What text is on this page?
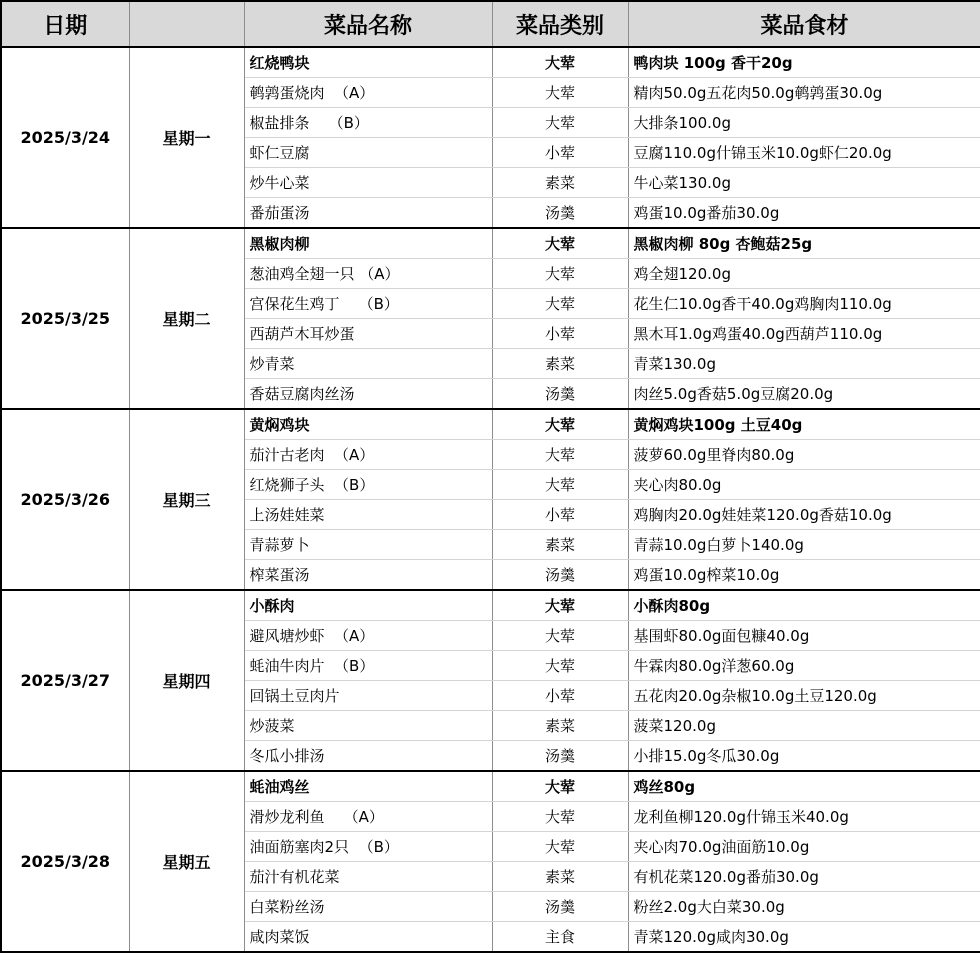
日期		菜品名称	菜品类别	菜品食材
2025/3/24	星期一	红烧鸭块	大荤	鸭肉块 100g 香干20g
		鹌鹑蛋烧肉  （A）	大荤	精肉50.0g五花肉50.0g鹌鹑蛋30.0g
		椒盐排条    （B）	大荤	大排条100.0g
		虾仁豆腐	小荤	豆腐110.0g什锦玉米10.0g虾仁20.0g
		炒牛心菜	素菜	牛心菜130.0g
		番茄蛋汤	汤羹	鸡蛋10.0g番茄30.0g
2025/3/25	星期二	黑椒肉柳	大荤	黑椒肉柳 80g 杏鲍菇25g
		葱油鸡全翅一只 （A）	大荤	鸡全翅120.0g
		宫保花生鸡丁    （B）	大荤	花生仁10.0g香干40.0g鸡胸肉110.0g
		西葫芦木耳炒蛋	小荤	黑木耳1.0g鸡蛋40.0g西葫芦110.0g
		炒青菜	素菜	青菜130.0g
		香菇豆腐肉丝汤	汤羹	肉丝5.0g香菇5.0g豆腐20.0g
2025/3/26	星期三	黄焖鸡块	大荤	黄焖鸡块100g 土豆40g
		茄汁古老肉  （A）	大荤	菠萝60.0g里脊肉80.0g
		红烧狮子头  （B）	大荤	夹心肉80.0g
		上汤娃娃菜	小荤	鸡胸肉20.0g娃娃菜120.0g香菇10.0g
		青蒜萝卜	素菜	青蒜10.0g白萝卜140.0g
		榨菜蛋汤	汤羹	鸡蛋10.0g榨菜10.0g
2025/3/27	星期四	小酥肉	大荤	小酥肉80g
		避风塘炒虾  （A）	大荤	基围虾80.0g面包糠40.0g
		蚝油牛肉片  （B）	大荤	牛霖肉80.0g洋葱60.0g
		回锅土豆肉片	小荤	五花肉20.0g杂椒10.0g土豆120.0g
		炒菠菜	素菜	菠菜120.0g
		冬瓜小排汤	汤羹	小排15.0g冬瓜30.0g
2025/3/28	星期五	蚝油鸡丝	大荤	鸡丝80g
		滑炒龙利鱼    （A）	大荤	龙利鱼柳120.0g什锦玉米40.0g
		油面筋塞肉2只  （B）	大荤	夹心肉70.0g油面筋10.0g
		茄汁有机花菜	素菜	有机花菜120.0g番茄30.0g
		白菜粉丝汤	汤羹	粉丝2.0g大白菜30.0g
		咸肉菜饭	主食	青菜120.0g咸肉30.0g
